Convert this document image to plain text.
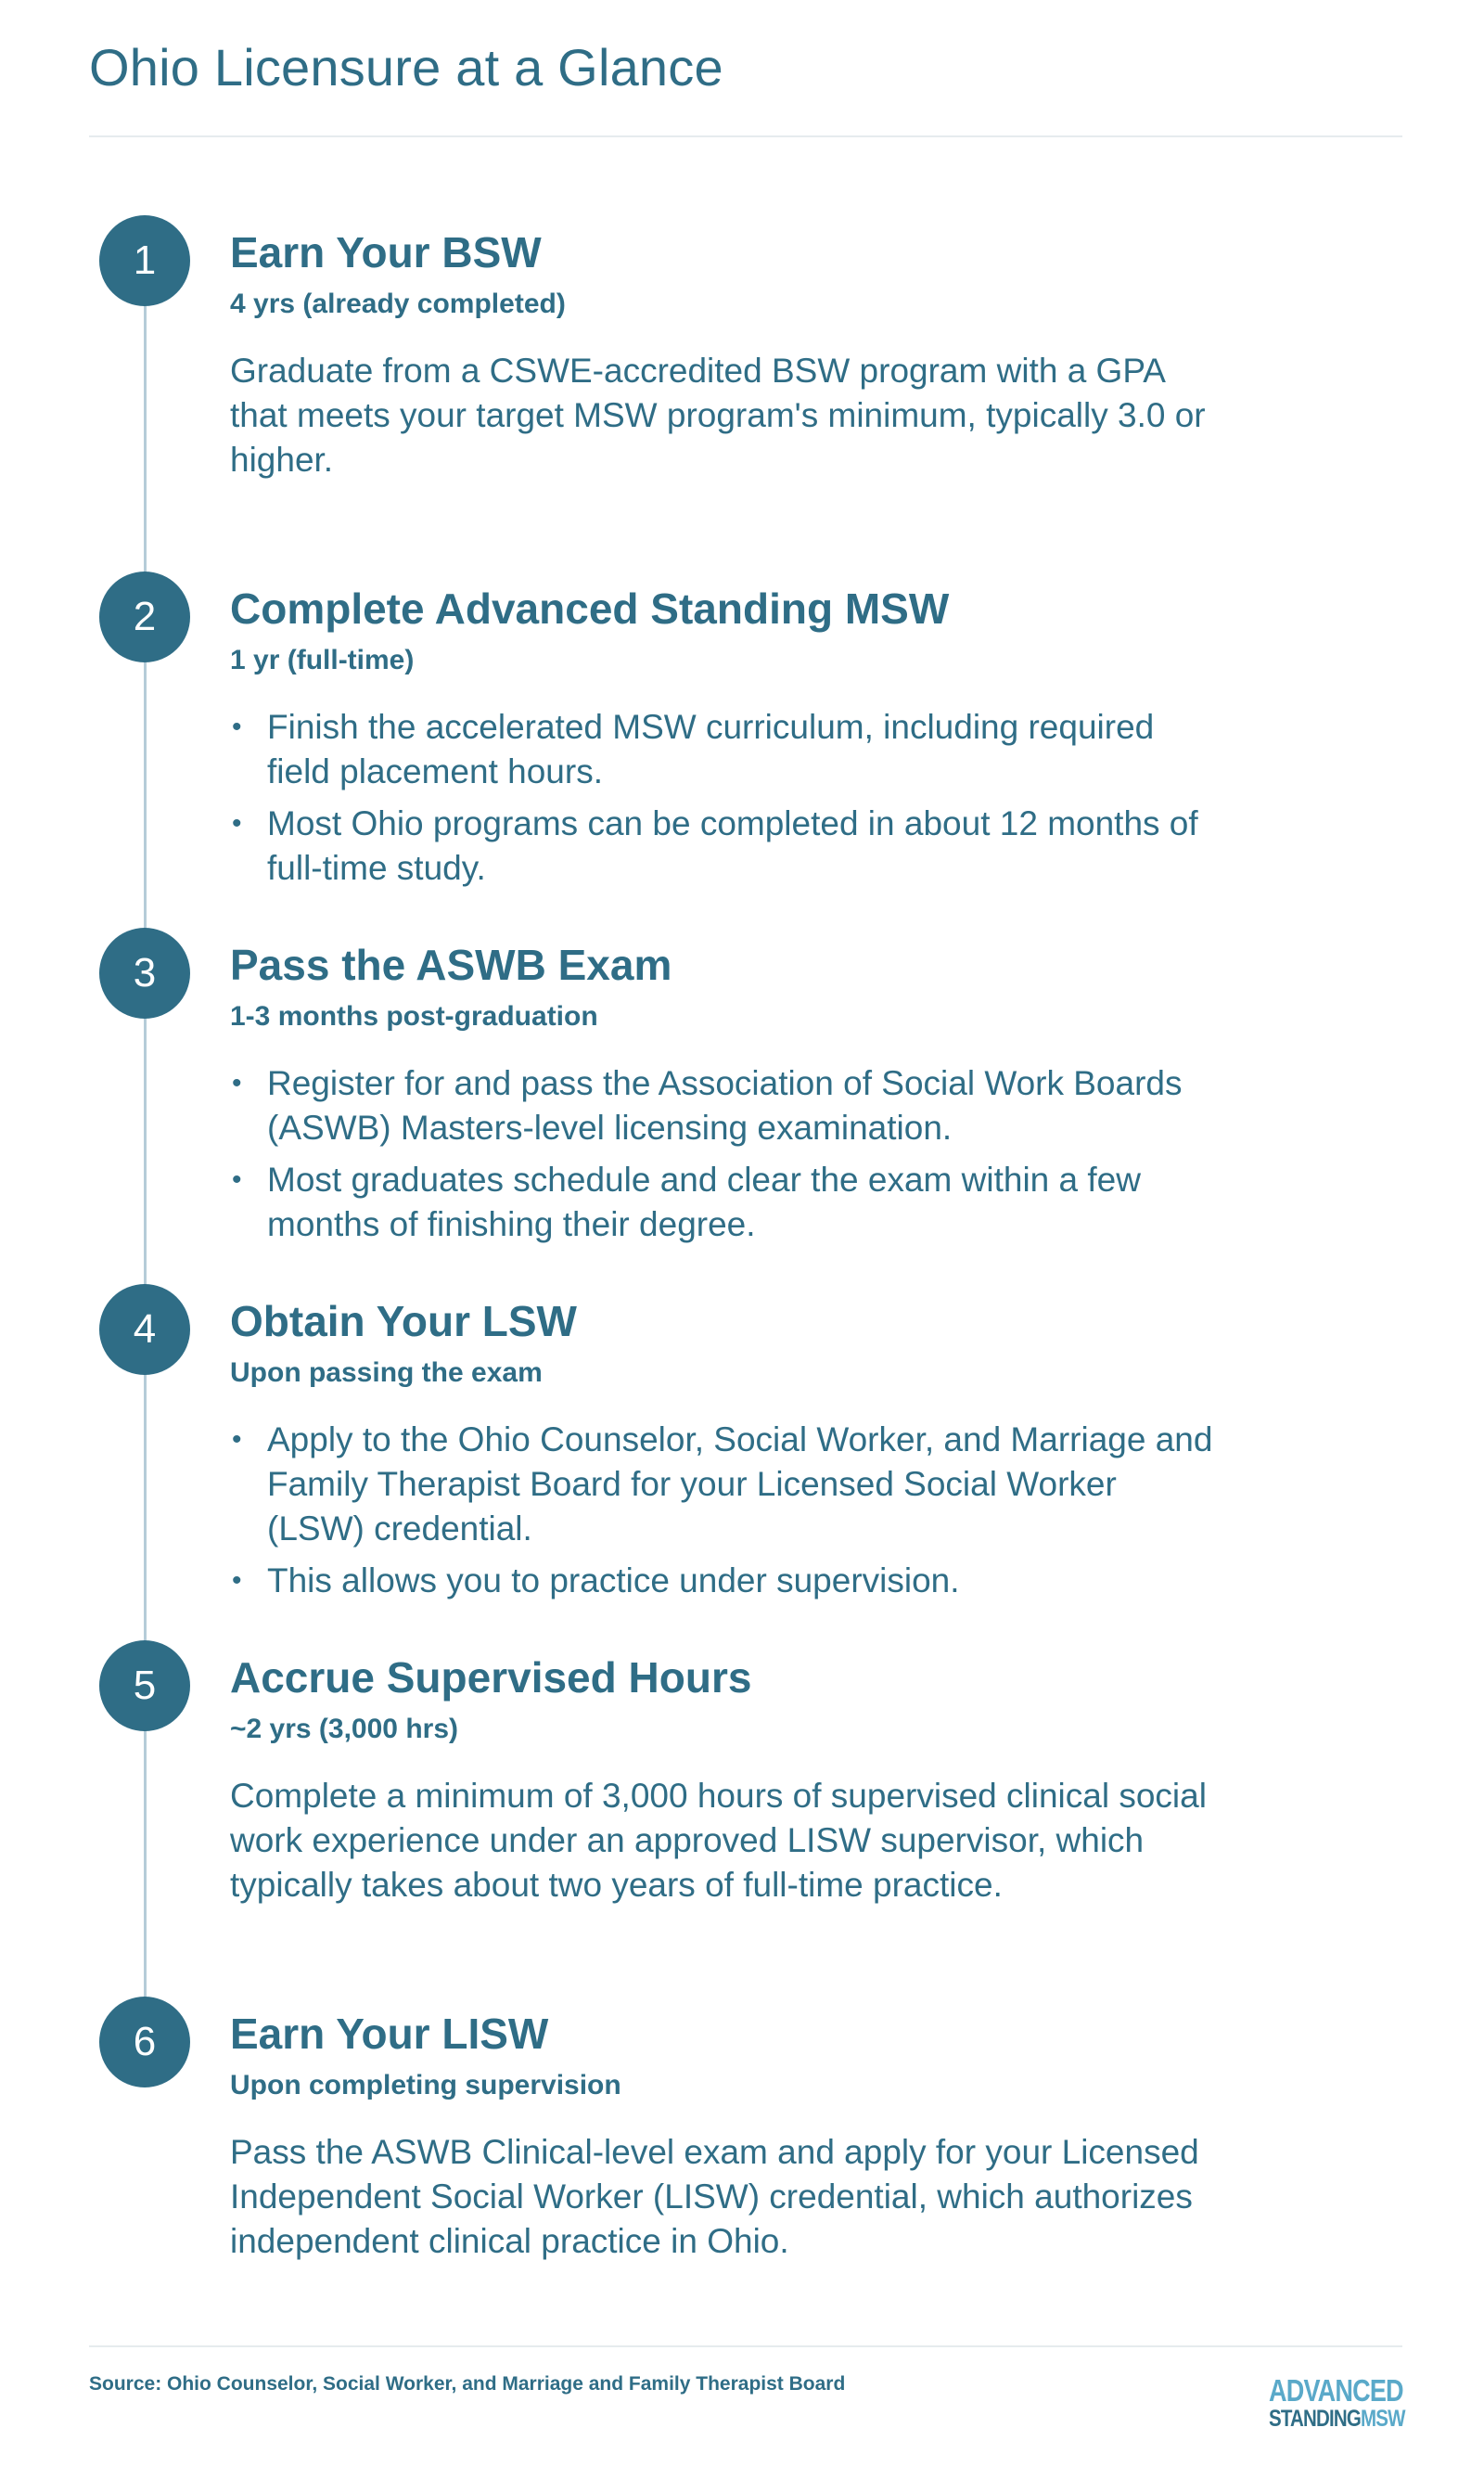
Ohio Licensure at a Glance
1	Earn Your BSW

4 yrs (already completed)

Graduate from a CSWE-accredited BSW program with a GPA that meets your target MSW program's minimum, typically 3.0 or higher.

2	Complete Advanced Standing MSW

1 yr (full-time)

• Finish the accelerated MSW curriculum, including required field placement hours.
• Most Ohio programs can be completed in about 12 months of full-time study.
3	Pass the ASWB Exam

1-3 months post-graduation

• Register for and pass the Association of Social Work Boards (ASWB) Masters-level licensing examination.
• Most graduates schedule and clear the exam within a few months of finishing their degree.
4	Obtain Your LSW

Upon passing the exam

• Apply to the Ohio Counselor, Social Worker, and Marriage and Family Therapist Board for your Licensed Social Worker (LSW) credential.
• This allows you to practice under supervision.
5	Accrue Supervised Hours

~2 yrs (3,000 hrs)

Complete a minimum of 3,000 hours of supervised clinical social work experience under an approved LISW supervisor, which typically takes about two years of full-time practice.

6	Earn Your LISW

Upon completing supervision

Pass the ASWB Clinical-level exam and apply for your Licensed Independent Social Worker (LISW) credential, which authorizes independent clinical practice in Ohio.

Source: Ohio Counselor, Social Worker, and Marriage and Family Therapist Board	ADVANCED
STANDINGMSW
